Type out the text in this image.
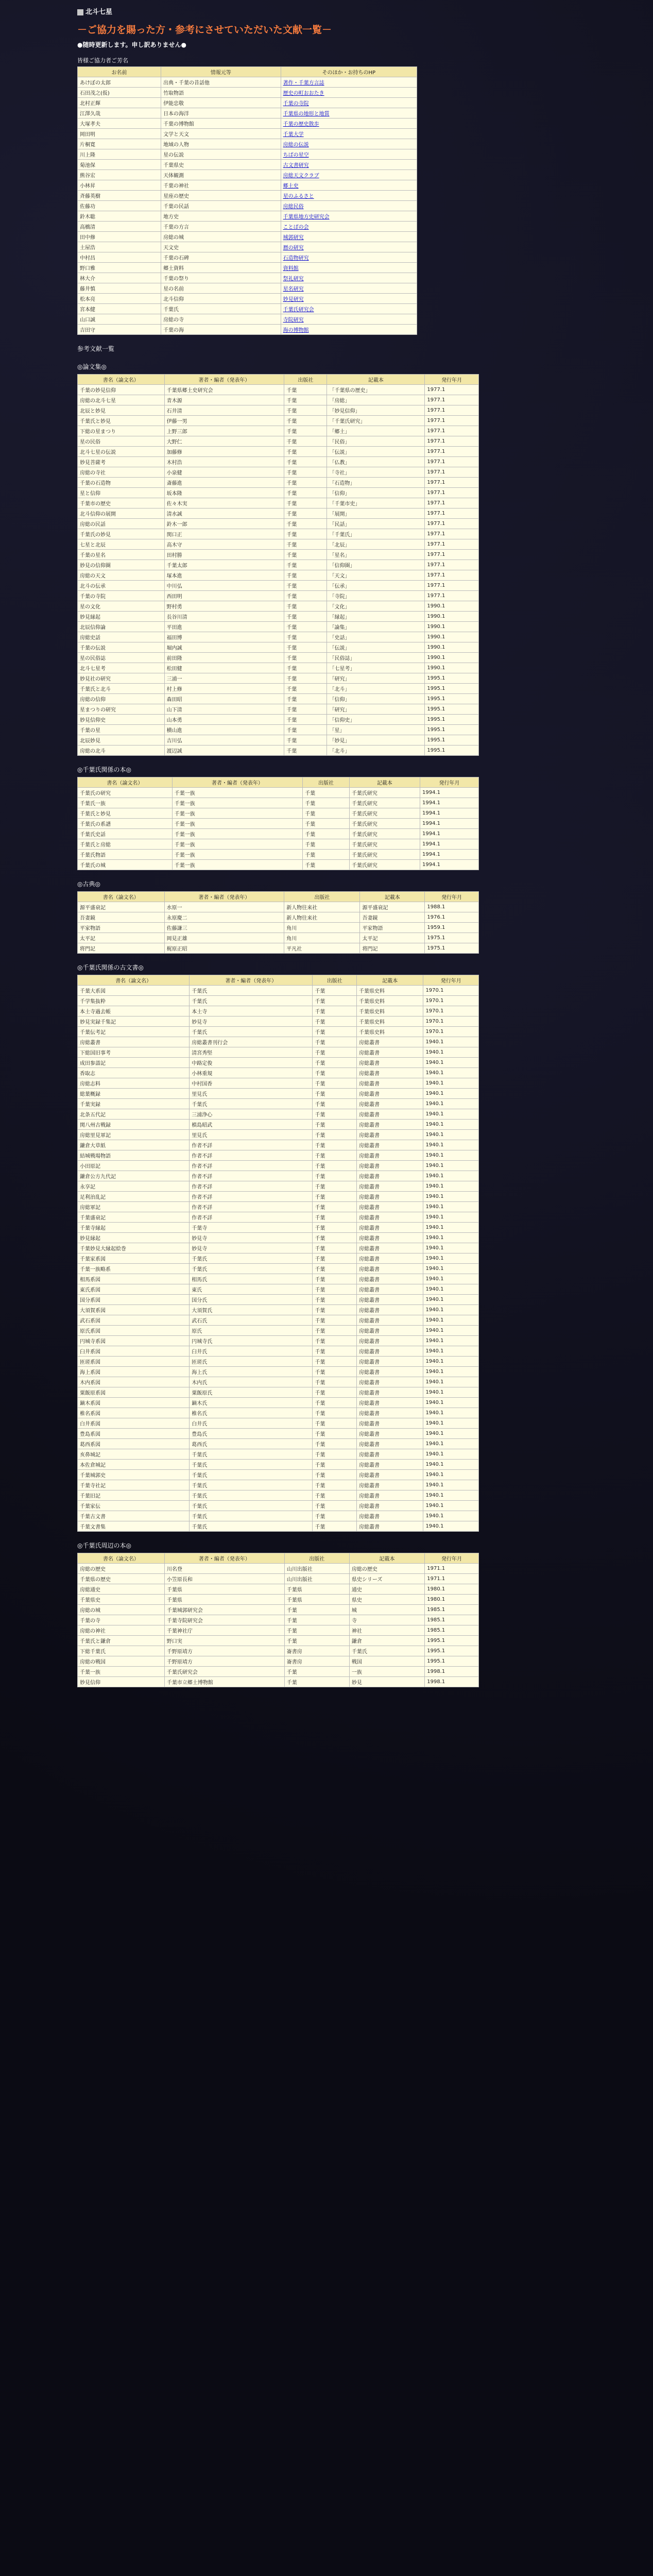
北斗七星
－ご協力を賜った方・参考にさせていただいた文献一覧－
●随時更新します。申し訳ありません●
皆様ご協力者ご芳名
お名前	情報元等	そのほか・お持ちのHP
あけぼの太郎	出典・千葉の昔話他	著作・千葉方言誌
石田茂之(仮)	竹取物語	歴史の町おおたき
北村正輝	伊能忠敬	千葉の寺院
江澤久哉	日本の海洋	千葉県の地形と地質
大塚孝夫	千葉の博物館	千葉の歴史散歩
岡田明	文学と天文	千葉大学
片桐寛	地域の人物	房総の伝説
川上隆	星の伝説	ちばの星空
菊池保	千葉県史	古文書研究
熊谷宏	天体観測	房総天文クラブ
小林昇	千葉の神社	郷土史
斉藤英樹	星座の歴史	星のふるさと
佐藤功	千葉の民話	房総民俗
鈴木聡	地方史	千葉県地方史研究会
高橋清	千葉の方言	ことばの会
田中修	房総の城	城郭研究
土屋浩	天文史	暦の研究
中村昌	千葉の石碑	石造物研究
野口雅	郷土資料	資料館
林大介	千葉の祭り	祭礼研究
藤井慎	星の名前	星名研究
松本亮	北斗信仰	妙見研究
宮本健	千葉氏	千葉氏研究会
山口誠	房総の寺	寺院研究
吉田守	千葉の海	海の博物館
参考文献一覧
◎論文集◎
書名（論文名）	著者・編者（発表年）	出版社	記載本	発行年月
千葉の妙見信仰	千葉県郷土史研究会	千葉	「千葉県の歴史」	1977.1
房総の北斗七星	青木源	千葉	「房総」	1977.1
北辰と妙見	石井清	千葉	「妙見信仰」	1977.1
千葉氏と妙見	伊藤一男	千葉	「千葉氏研究」	1977.1
下総の星まつり	上野三郎	千葉	「郷土」	1977.1
星の民俗	大野仁	千葉	「民俗」	1977.1
北斗七星の伝説	加藤修	千葉	「伝説」	1977.1
妙見菩薩考	木村浩	千葉	「仏教」	1977.1
房総の寺社	小泉健	千葉	「寺社」	1977.1
千葉の石造物	斎藤進	千葉	「石造物」	1977.1
星と信仰	坂本隆	千葉	「信仰」	1977.1
千葉市の歴史	佐々木実	千葉	「千葉市史」	1977.1
北斗信仰の展開	清水誠	千葉	「展開」	1977.1
房総の民話	鈴木一郎	千葉	「民話」	1977.1
千葉氏の妙見	関口正	千葉	「千葉氏」	1977.1
七星と北辰	高木守	千葉	「北辰」	1977.1
千葉の星名	田村勝	千葉	「星名」	1977.1
妙見の信仰圏	千葉太郎	千葉	「信仰圏」	1977.1
房総の天文	塚本進	千葉	「天文」	1977.1
北斗の伝承	中川弘	千葉	「伝承」	1977.1
千葉の寺院	西田明	千葉	「寺院」	1977.1
星の文化	野村勇	千葉	「文化」	1990.1
妙見縁起	長谷川清	千葉	「縁起」	1990.1
北辰信仰論	平田進	千葉	「論集」	1990.1
房総史話	福田博	千葉	「史話」	1990.1
千葉の伝説	堀内誠	千葉	「伝説」	1990.1
星の民俗誌	前田隆	千葉	「民俗誌」	1990.1
北斗七星考	松田健	千葉	「七星考」	1990.1
妙見社の研究	三浦一	千葉	「研究」	1995.1
千葉氏と北斗	村上修	千葉	「北斗」	1995.1
房総の信仰	森田昭	千葉	「信仰」	1995.1
星まつりの研究	山下清	千葉	「研究」	1995.1
妙見信仰史	山本勇	千葉	「信仰史」	1995.1
千葉の星	横山進	千葉	「星」	1995.1
北辰妙見	吉川弘	千葉	「妙見」	1995.1
房総の北斗	渡辺誠	千葉	「北斗」	1995.1
◎千葉氏関係の本◎
書名（論文名）	著者・編者（発表年）	出版社	記載本	発行年月
千葉氏の研究	千葉一族	千葉	千葉氏研究	1994.1
千葉氏一族	千葉一族	千葉	千葉氏研究	1994.1
千葉氏と妙見	千葉一族	千葉	千葉氏研究	1994.1
千葉氏の系譜	千葉一族	千葉	千葉氏研究	1994.1
千葉氏史話	千葉一族	千葉	千葉氏研究	1994.1
千葉氏と房総	千葉一族	千葉	千葉氏研究	1994.1
千葉氏物語	千葉一族	千葉	千葉氏研究	1994.1
千葉氏の城	千葉一族	千葉	千葉氏研究	1994.1
◎古典◎
書名（論文名）	著者・編者（発表年）	出版社	記載本	発行年月
源平盛衰記	水原一	新人物往来社	源平盛衰記	1988.1
吾妻鏡	永原慶二	新人物往来社	吾妻鏡	1976.1
平家物語	佐藤謙三	角川	平家物語	1959.1
太平記	岡見正雄	角川	太平記	1975.1
将門記	梶原正昭	平凡社	将門記	1975.1
◎千葉氏関係の古文書◎
書名（論文名）	著者・編者（発表年）	出版社	記載本	発行年月
千葉大系図	千葉氏	千葉	千葉県史料	1970.1
千学集抜粋	千葉氏	千葉	千葉県史料	1970.1
本土寺過去帳	本土寺	千葉	千葉県史料	1970.1
妙見実録千集記	妙見寺	千葉	千葉県史料	1970.1
千葉伝考記	千葉氏	千葉	千葉県史料	1970.1
房総叢書	房総叢書刊行会	千葉	房総叢書	1940.1
下総国旧事考	清宮秀堅	千葉	房総叢書	1940.1
成田参詣記	中路定俊	千葉	房総叢書	1940.1
香取志	小林重規	千葉	房総叢書	1940.1
房総志料	中村国香	千葉	房総叢書	1940.1
総葉概録	里見氏	千葉	房総叢書	1940.1
千葉実録	千葉氏	千葉	房総叢書	1940.1
北条五代記	三浦浄心	千葉	房総叢書	1940.1
関八州古戦録	槙島昭武	千葉	房総叢書	1940.1
房総里見軍記	里見氏	千葉	房総叢書	1940.1
鎌倉大草紙	作者不詳	千葉	房総叢書	1940.1
結城戦場物語	作者不詳	千葉	房総叢書	1940.1
小田原記	作者不詳	千葉	房総叢書	1940.1
鎌倉公方九代記	作者不詳	千葉	房総叢書	1940.1
永享記	作者不詳	千葉	房総叢書	1940.1
足利治乱記	作者不詳	千葉	房総叢書	1940.1
房総軍記	作者不詳	千葉	房総叢書	1940.1
千葉盛衰記	作者不詳	千葉	房総叢書	1940.1
千葉寺縁起	千葉寺	千葉	房総叢書	1940.1
妙見縁起	妙見寺	千葉	房総叢書	1940.1
千葉妙見大縁起絵巻	妙見寺	千葉	房総叢書	1940.1
千葉家系図	千葉氏	千葉	房総叢書	1940.1
千葉一族略系	千葉氏	千葉	房総叢書	1940.1
相馬系図	相馬氏	千葉	房総叢書	1940.1
東氏系図	東氏	千葉	房総叢書	1940.1
国分系図	国分氏	千葉	房総叢書	1940.1
大須賀系図	大須賀氏	千葉	房総叢書	1940.1
武石系図	武石氏	千葉	房総叢書	1940.1
原氏系図	原氏	千葉	房総叢書	1940.1
円城寺系図	円城寺氏	千葉	房総叢書	1940.1
臼井系図	臼井氏	千葉	房総叢書	1940.1
匝瑳系図	匝瑳氏	千葉	房総叢書	1940.1
海上系図	海上氏	千葉	房総叢書	1940.1
木内系図	木内氏	千葉	房総叢書	1940.1
粟飯原系図	粟飯原氏	千葉	房総叢書	1940.1
鏑木系図	鏑木氏	千葉	房総叢書	1940.1
椎名系図	椎名氏	千葉	房総叢書	1940.1
白井系図	白井氏	千葉	房総叢書	1940.1
豊島系図	豊島氏	千葉	房総叢書	1940.1
葛西系図	葛西氏	千葉	房総叢書	1940.1
亥鼻城記	千葉氏	千葉	房総叢書	1940.1
本佐倉城記	千葉氏	千葉	房総叢書	1940.1
千葉城郭史	千葉氏	千葉	房総叢書	1940.1
千葉寺社記	千葉氏	千葉	房総叢書	1940.1
千葉旧記	千葉氏	千葉	房総叢書	1940.1
千葉家伝	千葉氏	千葉	房総叢書	1940.1
千葉古文書	千葉氏	千葉	房総叢書	1940.1
千葉文書集	千葉氏	千葉	房総叢書	1940.1
◎千葉氏周辺の本◎
書名（論文名）	著者・編者（発表年）	出版社	記載本	発行年月
房総の歴史	川名登	山川出版社	房総の歴史	1971.1
千葉県の歴史	小笠原長和	山川出版社	県史シリーズ	1971.1
房総通史	千葉県	千葉県	通史	1980.1
千葉県史	千葉県	千葉県	県史	1980.1
房総の城	千葉城郭研究会	千葉	城	1985.1
千葉の寺	千葉寺院研究会	千葉	寺	1985.1
房総の神社	千葉神社庁	千葉	神社	1985.1
千葉氏と鎌倉	野口実	千葉	鎌倉	1995.1
下総千葉氏	千野原靖方	崙書房	千葉氏	1995.1
房総の戦国	千野原靖方	崙書房	戦国	1995.1
千葉一族	千葉氏研究会	千葉	一族	1998.1
妙見信仰	千葉市立郷土博物館	千葉	妙見	1998.1
